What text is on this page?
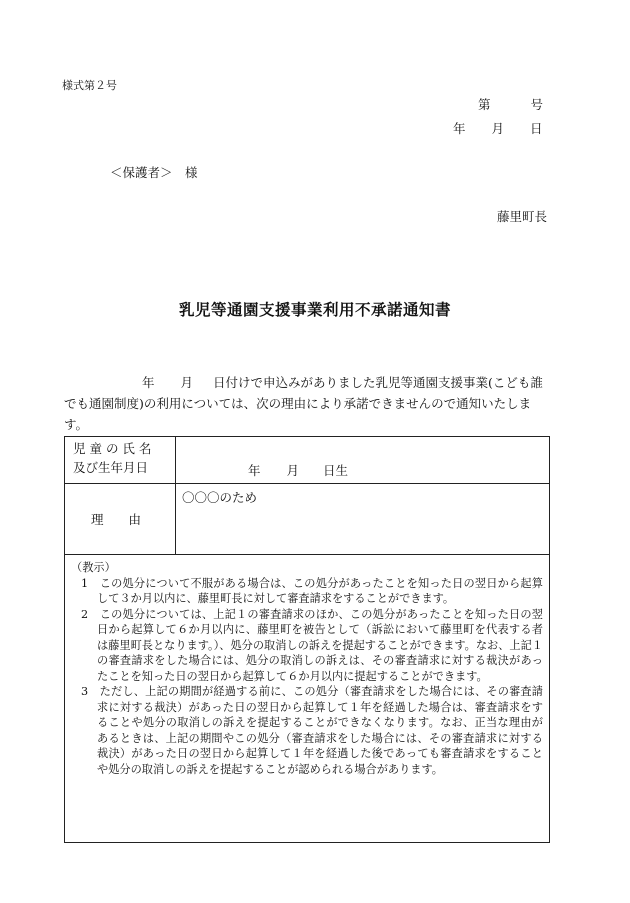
様式第２号
第	号
年 月 日
＜保護者＞　様
藤里町長
乳児等通園支援事業利用不承諾通知書
年 月 日付けで申込みがありました乳児等通園支援事業(こども誰でも通園制度)の利用については、次の理由により承諾できませんので通知いたします。
児 童 の 氏 名
及び生年月日	年 月 日生
理　　由	〇〇〇のため

（教示）

1　この処分について不服がある場合は、この処分があったことを知った日の翌日から起算して３か月以内に、藤里町長に対して審査請求をすることができます。

2　この処分については、上記１の審査請求のほか、この処分があったことを知った日の翌日から起算して６か月以内に、藤里町を被告として（訴訟において藤里町を代表する者は藤里町長となります。）、処分の取消しの訴えを提起することができます。なお、上記１の審査請求をした場合には、処分の取消しの訴えは、その審査請求に対する裁決があったことを知った日の翌日から起算して６か月以内に提起することができます。

3　ただし、上記の期間が経過する前に、この処分（審査請求をした場合には、その審査請求に対する裁決）があった日の翌日から起算して１年を経過した場合は、審査請求をすることや処分の取消しの訴えを提起することができなくなります。なお、正当な理由があるときは、上記の期間やこの処分（審査請求をした場合には、その審査請求に対する裁決）があった日の翌日から起算して１年を経過した後であっても審査請求をすることや処分の取消しの訴えを提起することが認められる場合があります。	
